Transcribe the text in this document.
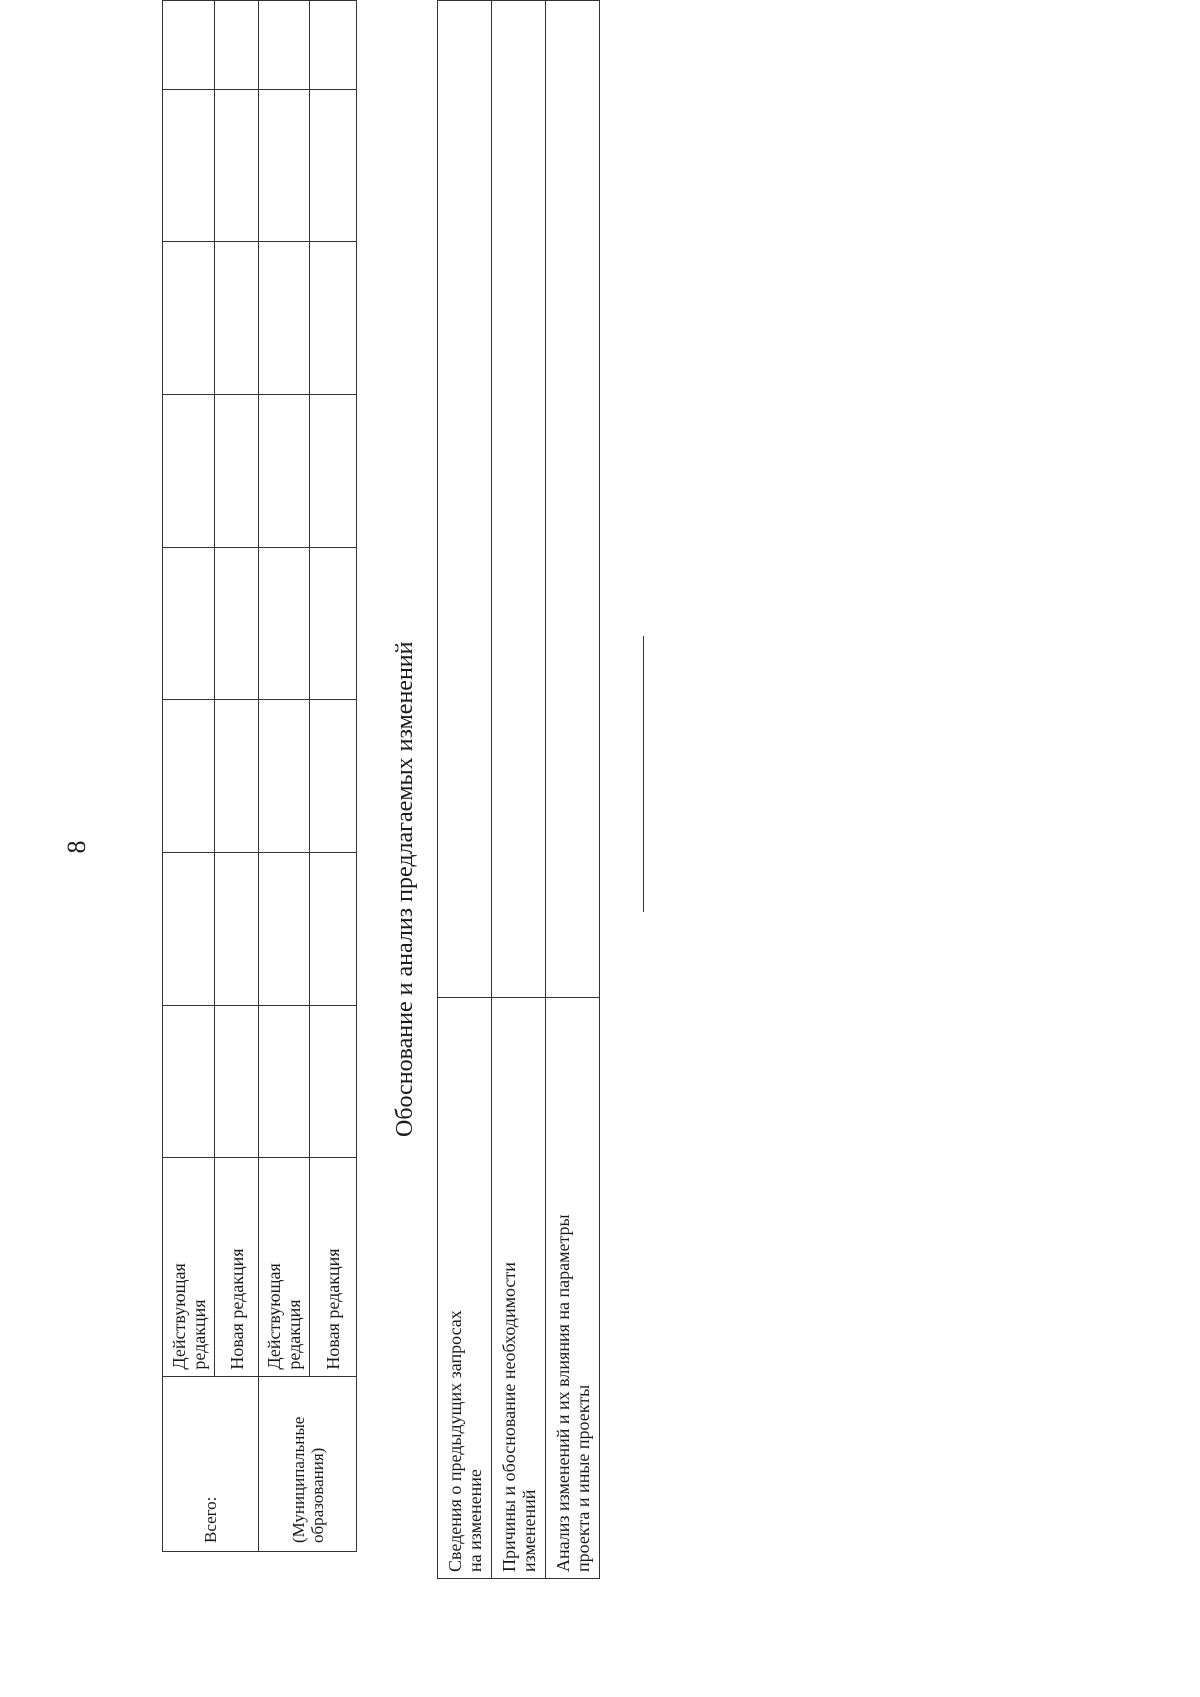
8
Всего:	Действующая редакция								

	Новая редакция								

(Муниципальные образования)	Действующая редакция								

	Новая редакция								
Обоснование и анализ предлагаемых изменений
Сведения о предыдущих запросах на изменение	

Причины и обоснование необходимости изменений	

Анализ изменений и их влияния на параметры проекта и иные проекты	
